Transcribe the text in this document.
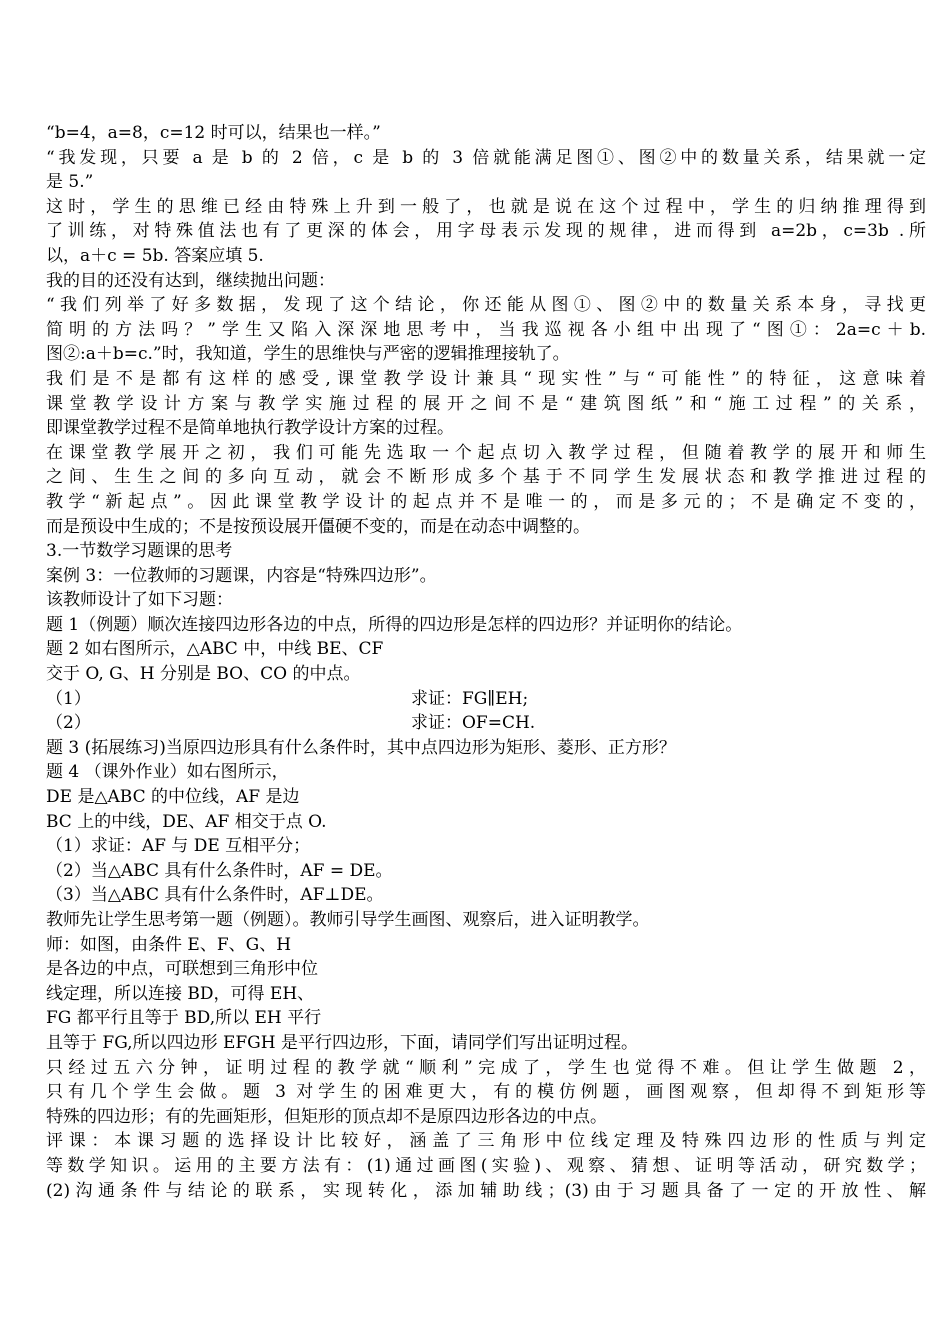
“b=4，a=8，c=12 时可以，结果也一样。”
“我发现，只要 a 是 b 的 2 倍，c 是 b 的 3 倍就能满足图①、图②中的数量关系，结果就一定
是 5.”
这时，学生的思维已经由特殊上升到一般了，也就是说在这个过程中，学生的归纳推理得到
了训练，对特殊值法也有了更深的体会，用字母表示发现的规律，进而得到 a=2b，c=3b .所
以，a＋c = 5b. 答案应填 5.
我的目的还没有达到，继续抛出问题：
“我们列举了好多数据，发现了这个结论，你还能从图①、图②中的数量关系本身，寻找更
简明的方法吗？”学生又陷入深深地思考中，当我巡视各小组中出现了“图①：2a=c＋b.
图②:a＋b=c.”时，我知道，学生的思维快与严密的逻辑推理接轨了。
我们是不是都有这样的感受,课堂教学设计兼具“现实性”与“可能性”的特征，这意味着
课堂教学设计方案与教学实施过程的展开之间不是“建筑图纸”和“施工过程”的关系，
即课堂教学过程不是简单地执行教学设计方案的过程。
在课堂教学展开之初，我们可能先选取一个起点切入教学过程，但随着教学的展开和师生
之间、生生之间的多向互动，就会不断形成多个基于不同学生发展状态和教学推进过程的
教学“新起点”。因此课堂教学设计的起点并不是唯一的，而是多元的；不是确定不变的，
而是预设中生成的；不是按预设展开僵硬不变的，而是在动态中调整的。
3.一节数学习题课的思考
案例 3：一位教师的习题课，内容是“特殊四边形”。
该教师设计了如下习题：
题 1（例题）顺次连接四边形各边的中点，所得的四边形是怎样的四边形？并证明你的结论。
题 2 如右图所示，△ABC 中，中线 BE、CF
交于 O, G、H 分别是 BO、CO 的中点。
（1）	求证：FG∥EH;
（2）	求证：OF=CH.
题 3 (拓展练习)当原四边形具有什么条件时，其中点四边形为矩形、菱形、正方形？
题 4 （课外作业）如右图所示，
DE 是△ABC 的中位线，AF 是边
BC 上的中线，DE、AF 相交于点 O.
（1）求证：AF 与 DE 互相平分；
（2）当△ABC 具有什么条件时，AF = DE。
（3）当△ABC 具有什么条件时，AF⊥DE。
教师先让学生思考第一题（例题）。教师引导学生画图、观察后，进入证明教学。
师：如图，由条件 E、F、G、H
是各边的中点，可联想到三角形中位
线定理，所以连接 BD，可得 EH、
FG 都平行且等于 BD,所以 EH 平行
且等于 FG,所以四边形 EFGH 是平行四边形，下面，请同学们写出证明过程。
只经过五六分钟，证明过程的教学就“顺利”完成了，学生也觉得不难。但让学生做题 2，
只有几个学生会做。题 3 对学生的困难更大，有的模仿例题，画图观察，但却得不到矩形等
特殊的四边形；有的先画矩形，但矩形的顶点却不是原四边形各边的中点。
评课：本课习题的选择设计比较好，涵盖了三角形中位线定理及特殊四边形的性质与判定
等数学知识。运用的主要方法有：(1)通过画图(实验)、观察、猜想、证明等活动，研究数学；
(2)沟通条件与结论的联系，实现转化，添加辅助线；(3)由于习题具备了一定的开放性、解
